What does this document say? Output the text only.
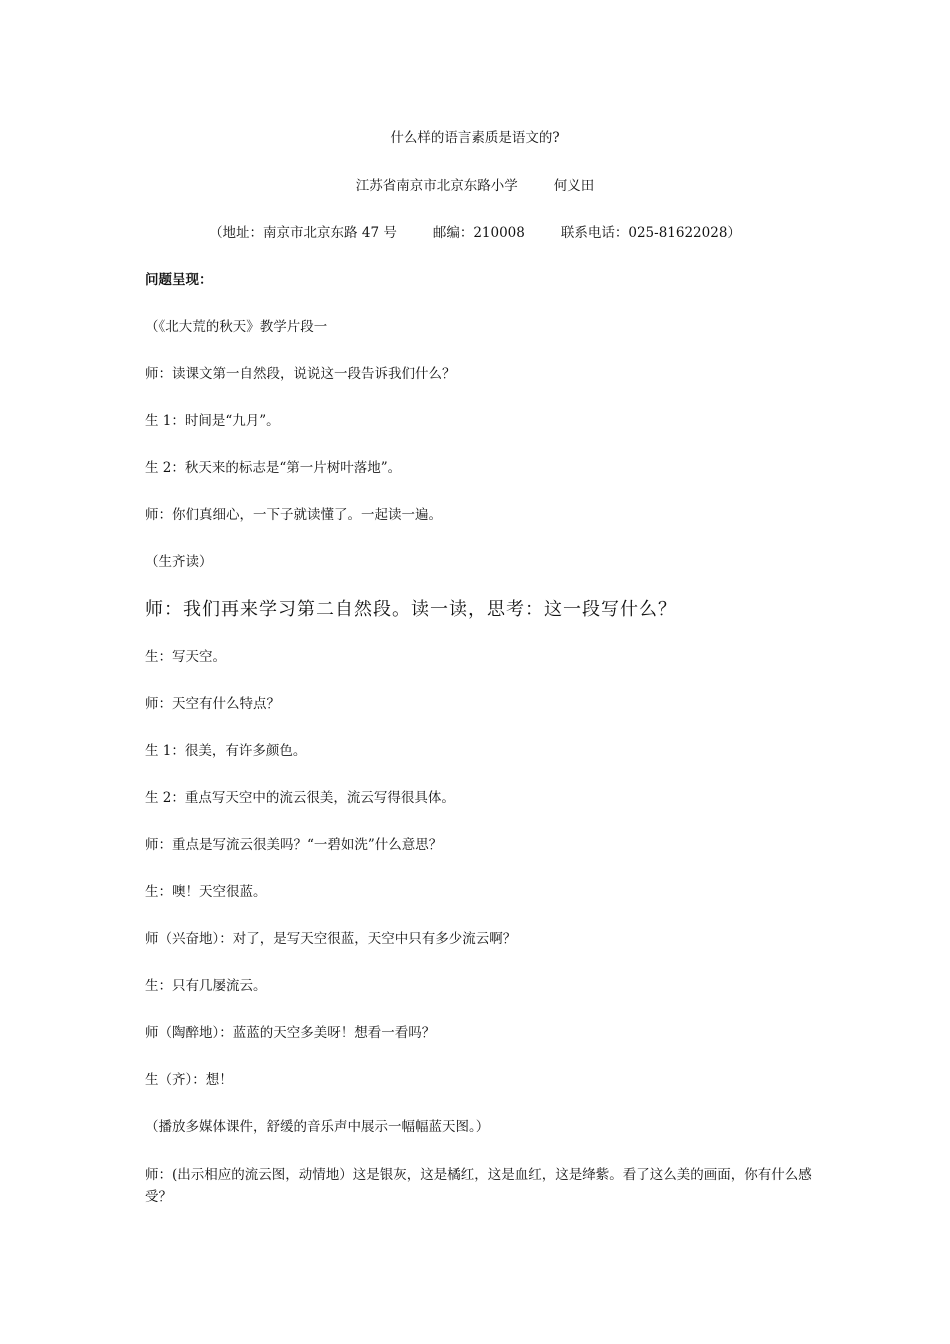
什么样的语言素质是语文的?
江苏省南京市北京东路小学	何义田
（地址：南京市北京东路 47 号	邮编：210008	联系电话：025-81622028）
问题呈现：
（《北大荒的秋天》教学片段一
师：读课文第一自然段，说说这一段告诉我们什么？
生 1：时间是“九月”。
生 2：秋天来的标志是“第一片树叶落地”。
师：你们真细心，一下子就读懂了。一起读一遍。
（生齐读）
师：我们再来学习第二自然段。读一读，思考：这一段写什么？
生：写天空。
师：天空有什么特点？
生 1：很美，有许多颜色。
生 2：重点写天空中的流云很美，流云写得很具体。
师：重点是写流云很美吗？“一碧如洗”什么意思？
生：噢！天空很蓝。
师（兴奋地）：对了，是写天空很蓝，天空中只有多少流云啊？
生：只有几屡流云。
师（陶醉地）：蓝蓝的天空多美呀！想看一看吗？
生（齐）：想！
（播放多媒体课件，舒缓的音乐声中展示一幅幅蓝天图。）
师：(出示相应的流云图，动情地）这是银灰，这是橘红，这是血红，这是绛紫。看了这么美的画面，你有什么感受？
